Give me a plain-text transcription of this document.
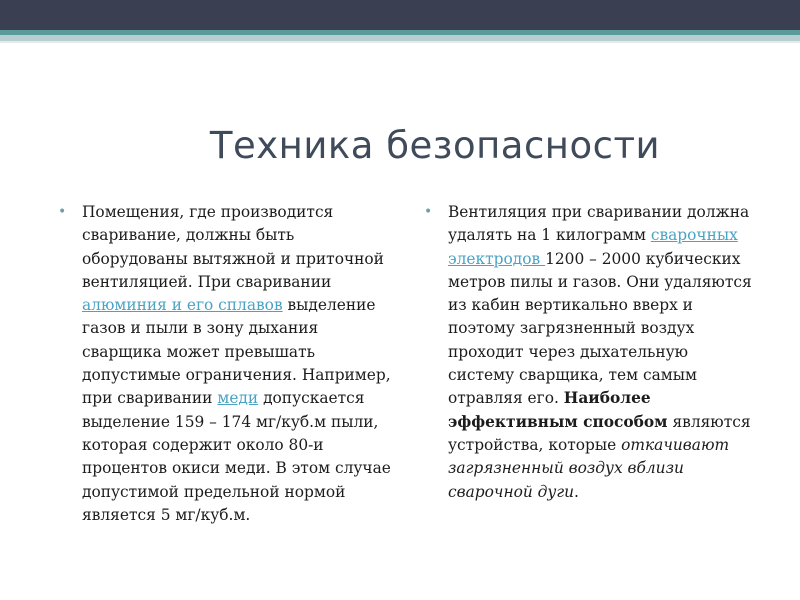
Техника безопасности
• Помещения, где производится сваривание, должны быть оборудованы вытяжной и приточной вентиляцией. При сваривании алюминия и его сплавов выделение газов и пыли в зону дыхания сварщика может превышать допустимые ограничения. Например, при сваривании меди допускается выделение 159 – 174 мг/куб.м пыли, которая содержит около 80-и процентов окиси меди. В этом случае допустимой предельной нормой является 5 мг/куб.м.
• Вентиляция при сваривании должна удалять на 1 килограмм сварочных электродов 1200 – 2000 кубических метров пилы и газов. Они удаляются из кабин вертикально вверх и поэтому загрязненный воздух проходит через дыхательную систему сварщика, тем самым отравляя его. Наиболее эффективным способом являются устройства, которые откачивают загрязненный воздух вблизи сварочной дуги.
